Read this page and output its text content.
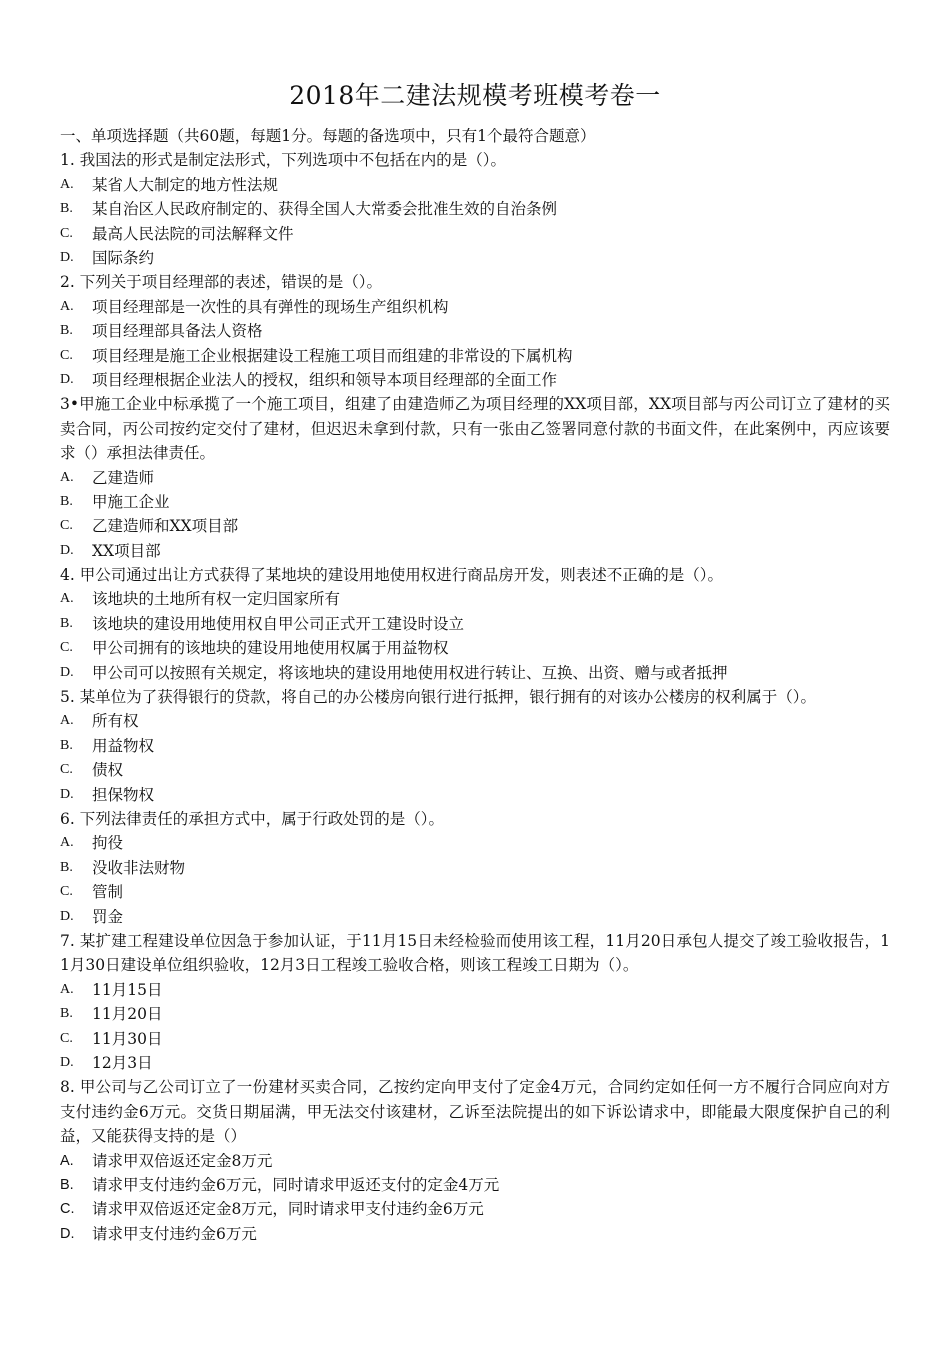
2018年二建法规模考班模考卷一
一、单项选择题（共60题，每题1分。每题的备选项中，只有1个最符合题意）
1. 我国法的形式是制定法形式，下列选项中不包括在内的是（）。
A.	某省人大制定的地方性法规
B.	某自治区人民政府制定的、获得全国人大常委会批准生效的自治条例
C.	最高人民法院的司法解释文件
D.	国际条约
2. 下列关于项目经理部的表述，错误的是（）。
A.	项目经理部是一次性的具有弹性的现场生产组织机构
B.	项目经理部具备法人资格
C.	项目经理是施工企业根据建设工程施工项目而组建的非常设的下属机构
D.	项目经理根据企业法人的授权，组织和领导本项目经理部的全面工作
3•甲施工企业中标承揽了一个施工项目，组建了由建造师乙为项目经理的XX项目部，XX项目部与丙公司订立了建材的买卖合同，丙公司按约定交付了建材，但迟迟未拿到付款，只有一张由乙签署同意付款的书面文件，在此案例中，丙应该要求（）承担法律责任。
A.	乙建造师
B.	甲施工企业
C.	乙建造师和XX项目部
D.	XX项目部
4. 甲公司通过出让方式获得了某地块的建设用地使用权进行商品房开发，则表述不正确的是（）。
A.	该地块的土地所有权一定归国家所有
B.	该地块的建设用地使用权自甲公司正式开工建设时设立
C.	甲公司拥有的该地块的建设用地使用权属于用益物权
D.	甲公司可以按照有关规定，将该地块的建设用地使用权进行转让、互换、出资、赠与或者抵押
5. 某单位为了获得银行的贷款，将自己的办公楼房向银行进行抵押，银行拥有的对该办公楼房的权利属于（）。
A.	所有权
B.	用益物权
C.	债权
D.	担保物权
6. 下列法律责任的承担方式中，属于行政处罚的是（）。
A.	拘役
B.	没收非法财物
C.	管制
D.	罚金
7. 某扩建工程建设单位因急于参加认证，于11月15日未经检验而使用该工程，11月20日承包人提交了竣工验收报告，11月30日建设单位组织验收，12月3日工程竣工验收合格，则该工程竣工日期为（）。
A.	11月15日
B.	11月20日
C.	11月30日
D.	12月3日
8. 甲公司与乙公司订立了一份建材买卖合同，乙按约定向甲支付了定金4万元，合同约定如任何一方不履行合同应向对方支付违约金6万元。交货日期届满，甲无法交付该建材，乙诉至法院提出的如下诉讼请求中，即能最大限度保护自己的利益，又能获得支持的是（）
A.	请求甲双倍返还定金8万元
B.	请求甲支付违约金6万元，同时请求甲返还支付的定金4万元
C.	请求甲双倍返还定金8万元，同时请求甲支付违约金6万元
D.	请求甲支付违约金6万元
